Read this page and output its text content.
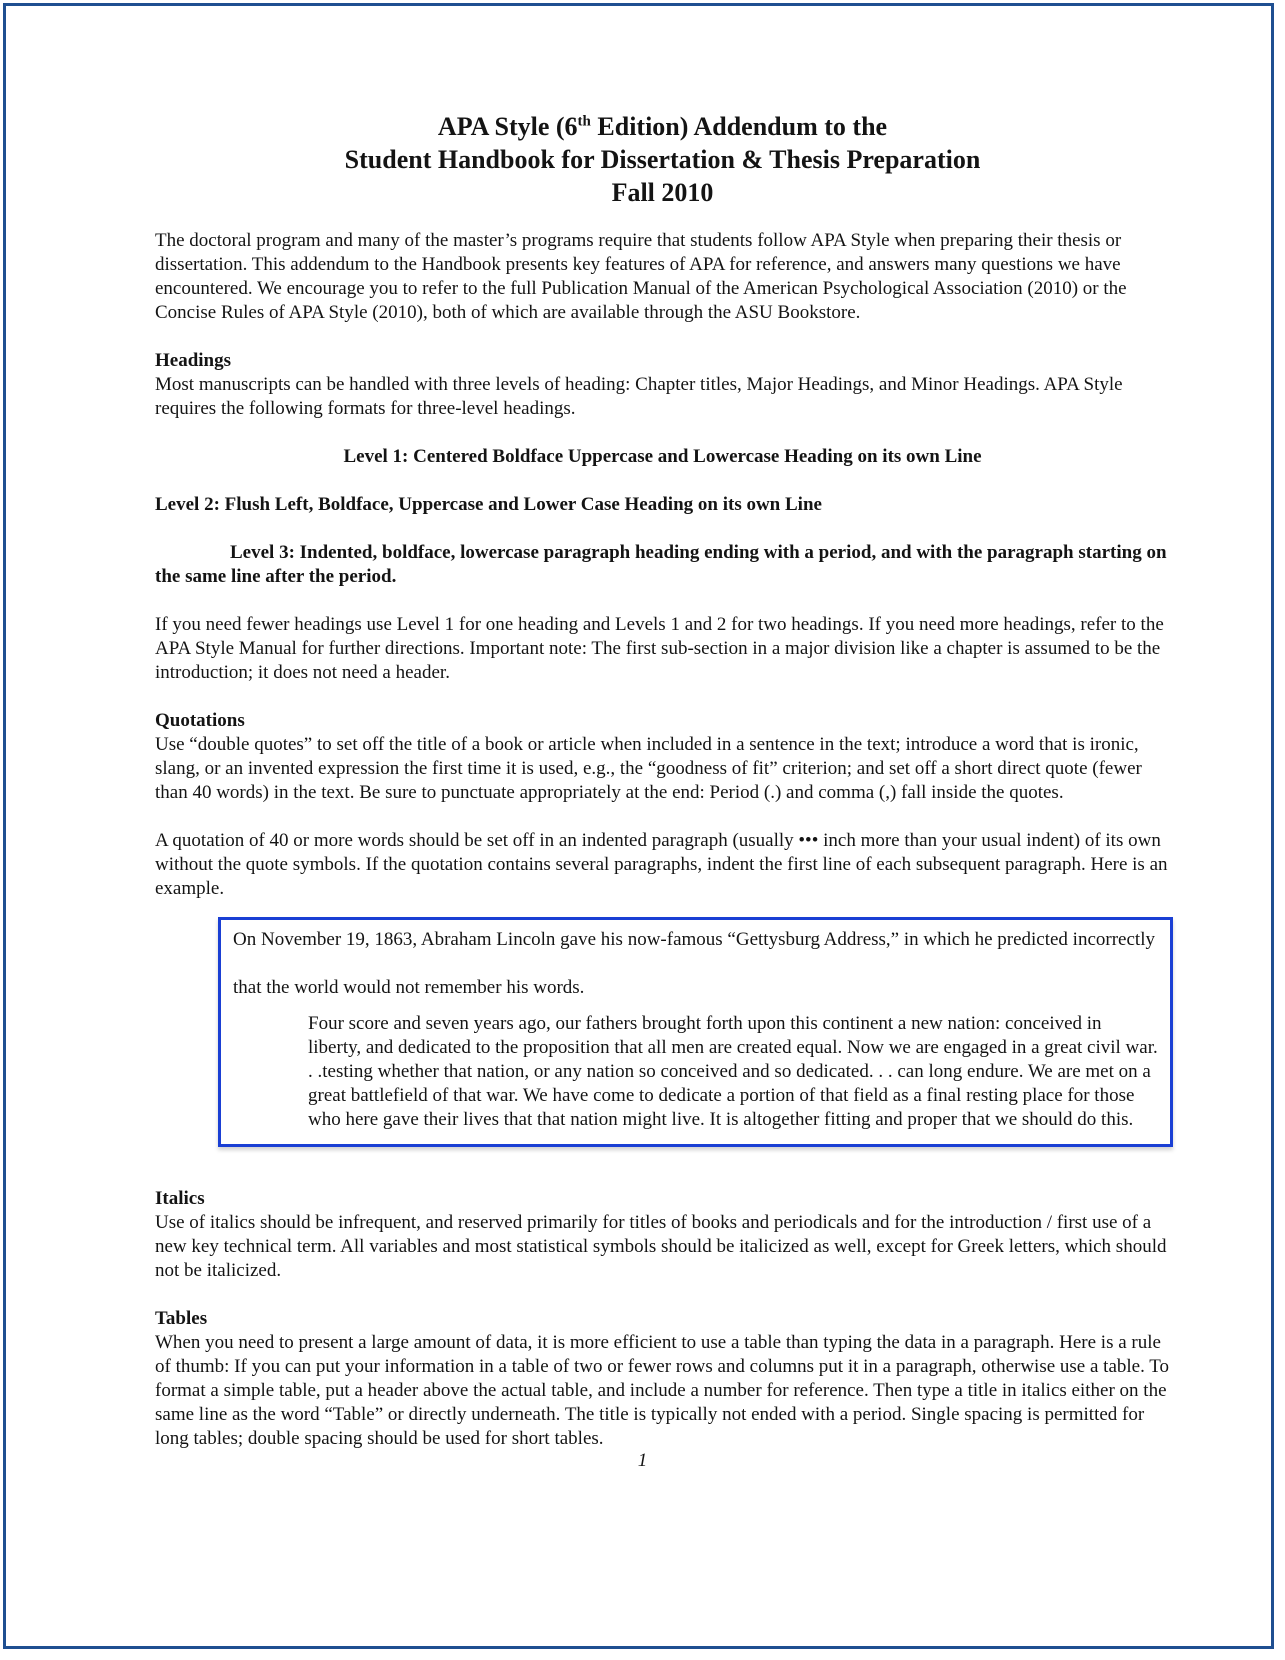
APA Style (6th Edition) Addendum to the
Student Handbook for Dissertation & Thesis Preparation
Fall 2010

The doctoral program and many of the master’s programs require that students follow APA Style when preparing their thesis or dissertation. This addendum to the Handbook presents key features of APA for reference, and answers many questions we have encountered. We encourage you to refer to the full Publication Manual of the American Psychological Association (2010) or the Concise Rules of APA Style (2010), both of which are available through the ASU Bookstore.

Headings

Most manuscripts can be handled with three levels of heading: Chapter titles, Major Headings, and Minor Headings. APA Style requires the following formats for three-level headings.

Level 1: Centered Boldface Uppercase and Lowercase Heading on its own Line

Level 2: Flush Left, Boldface, Uppercase and Lower Case Heading on its own Line

Level 3: Indented, boldface, lowercase paragraph heading ending with a period, and with the paragraph starting on the same line after the period.

If you need fewer headings use Level 1 for one heading and Levels 1 and 2 for two headings. If you need more headings, refer to the APA Style Manual for further directions. Important note: The first sub-section in a major division like a chapter is assumed to be the introduction; it does not need a header.

Quotations

Use “double quotes” to set off the title of a book or article when included in a sentence in the text; introduce a word that is ironic, slang, or an invented expression the first time it is used, e.g., the “goodness of fit” criterion; and set off a short direct quote (fewer than 40 words) in the text. Be sure to punctuate appropriately at the end: Period (.) and comma (,) fall inside the quotes.

A quotation of 40 or more words should be set off in an indented paragraph (usually ••• inch more than your usual indent) of its own without the quote symbols. If the quotation contains several paragraphs, indent the first line of each subsequent paragraph. Here is an example.

On November 19, 1863, Abraham Lincoln gave his now-famous “Gettysburg Address,” in which he predicted incorrectly that the world would not remember his words.

Four score and seven years ago, our fathers brought forth upon this continent a new nation: conceived in liberty, and dedicated to the proposition that all men are created equal. Now we are engaged in a great civil war. . .testing whether that nation, or any nation so conceived and so dedicated. . . can long endure. We are met on a great battlefield of that war. We have come to dedicate a portion of that field as a final resting place for those who here gave their lives that that nation might live. It is altogether fitting and proper that we should do this.

Italics

Use of italics should be infrequent, and reserved primarily for titles of books and periodicals and for the introduction / first use of a new key technical term. All variables and most statistical symbols should be italicized as well, except for Greek letters, which should not be italicized.

Tables

When you need to present a large amount of data, it is more efficient to use a table than typing the data in a paragraph. Here is a rule of thumb: If you can put your information in a table of two or fewer rows and columns put it in a paragraph, otherwise use a table. To format a simple table, put a header above the actual table, and include a number for reference. Then type a title in italics either on the same line as the word “Table” or directly underneath. The title is typically not ended with a period. Single spacing is permitted for long tables; double spacing should be used for short tables.

1
